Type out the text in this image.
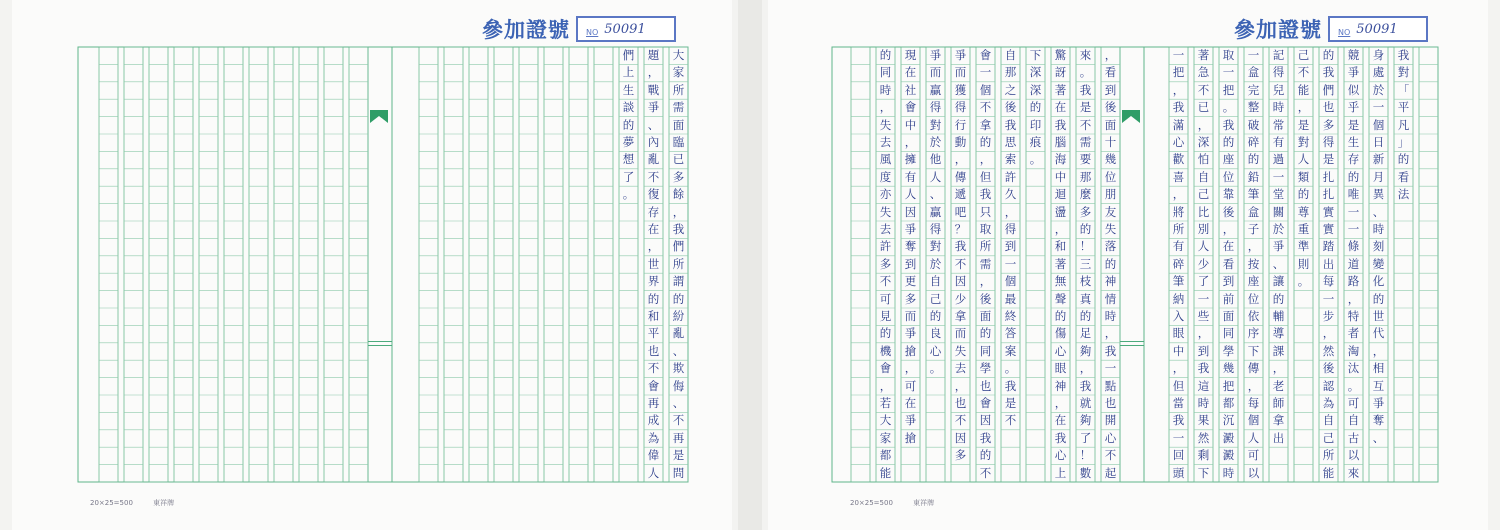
參加證號 NO 50091
大
家
所
需
面
臨
已
多
餘
，
我
們
所
謂
的
紛
亂
、
欺
侮
、
不
再
是
問
題
，
戰
爭
、
內
亂
不
復
存
在
，
世
界
的
和
平
也
不
會
再
成
為
偉
人
們
上
生
談
的
夢
想
了
。
20×25=500	東祥牌
參加證號 NO 50091
我
對
「
平
凡
」
的
看
法
身
處
於
一
個
日
新
月
異
、
時
刻
變
化
的
世
代
，
相
互
爭
奪
、
競
爭
似
乎
是
生
存
的
唯
一
一
條
道
路
，
特
者
淘
汰
。
可
自
古
以
來
的
我
們
也
多
得
是
扎
扎
實
實
踏
出
每
一
步
，
然
後
認
為
自
己
所
能
己
不
能
，
是
對
人
類
的
尊
重
準
則
。
記
得
兒
時
常
有
過
一
堂
關
於
爭
、
讓
的
輔
導
課
，
老
師
拿
出
一
盒
完
整
破
碎
的
鉛
筆
盒
子
，
按
座
位
依
序
下
傳
，
每
個
人
可
以
取
一
把
。
我
的
座
位
靠
後
，
在
看
到
前
面
同
學
幾
把
都
沉
澱
澱
時
著
急
不
已
，
深
怕
自
己
比
別
人
少
了
一
些
，
到
我
這
時
果
然
剩
下
一
把
，
我
滿
心
歡
喜
，
將
所
有
碎
筆
納
入
眼
中
，
但
當
我
一
回
頭
，
看
到
後
面
十
幾
位
朋
友
失
落
的
神
情
時
，
我
一
點
也
開
心
不
起
來
。
我
是
不
需
要
那
麼
多
的
！
三
枝
真
的
足
夠
，
我
就
夠
了
！
數
驚
訝
著
在
我
腦
海
中
迴
盪
，
和
著
無
聲
的
傷
心
眼
神
，
在
我
心
上
下
深
深
的
印
痕
。
自
那
之
後
我
思
索
許
久
，
得
到
一
個
最
終
答
案
。
我
是
不
會
一
個
不
拿
的
，
但
我
只
取
所
需
，
後
面
的
同
學
也
會
因
我
的
不
爭
而
獲
得
行
動
，
傳
遞
吧
？
我
不
因
少
拿
而
失
去
，
也
不
因
多
爭
而
贏
得
對
於
他
人
、
贏
得
對
於
自
己
的
良
心
。
現
在
社
會
中
，
擁
有
人
因
爭
奪
到
更
多
而
爭
搶
，
可
在
爭
搶
的
同
時
，
失
去
風
度
亦
失
去
許
多
不
可
見
的
機
會
，
若
大
家
都
能
20×25=500	東祥牌
